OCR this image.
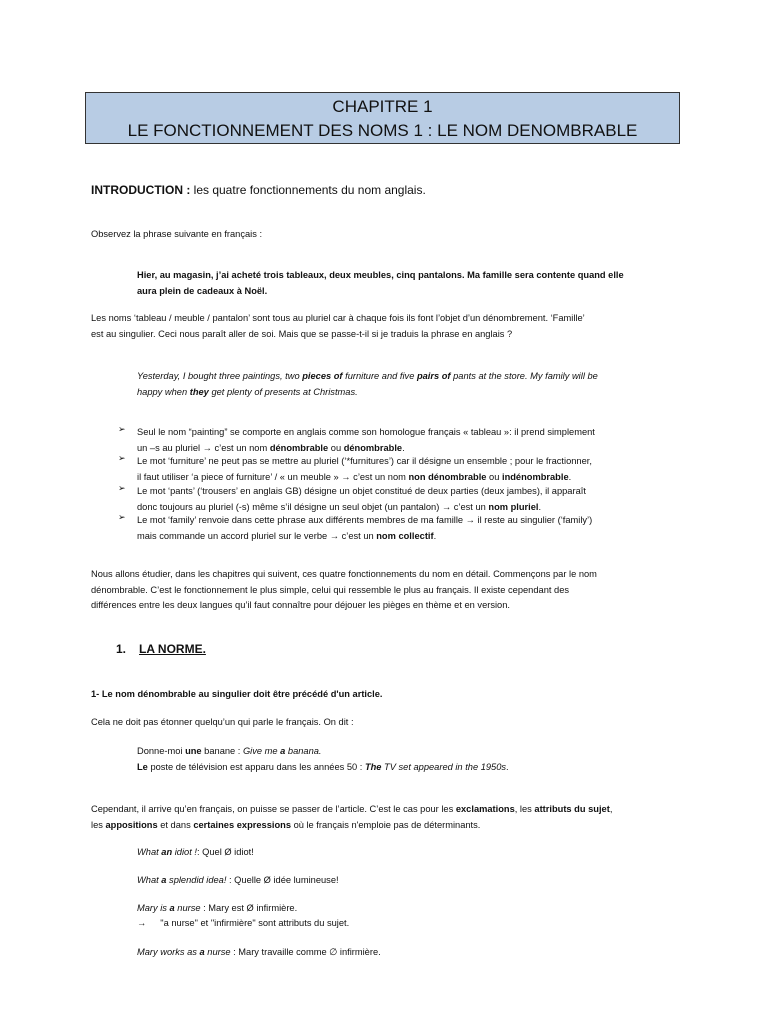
CHAPITRE 1
LE FONCTIONNEMENT DES NOMS 1 : LE NOM DENOMBRABLE
INTRODUCTION : les quatre fonctionnements du nom anglais.
Observez la phrase suivante en français :
Hier, au magasin, j’ai acheté trois tableaux, deux meubles, cinq pantalons. Ma famille sera contente quand elle
aura plein de cadeaux à Noël.
Les noms ‘tableau / meuble / pantalon’ sont tous au pluriel car à chaque fois ils font l’objet d’un dénombrement. ‘Famille’
est au singulier. Ceci nous paraît aller de soi. Mais que se passe-t-il si je traduis la phrase en anglais ?
Yesterday, I bought three paintings, two pieces of furniture and five pairs of pants at the store. My family will be
happy when they get plenty of presents at Christmas.
➢ Seul le nom “painting” se comporte en anglais comme son homologue français « tableau »: il prend simplement
un –s au pluriel → c’est un nom dénombrable ou dénombrable.
➢ Le mot ‘furniture’ ne peut pas se mettre au pluriel (‘*furnitures’) car il désigne un ensemble ; pour le fractionner,
il faut utiliser ‘a piece of furniture’ / « un meuble » → c’est un nom non dénombrable ou indénombrable.
➢ Le mot ‘pants’ (‘trousers’ en anglais GB) désigne un objet constitué de deux parties (deux jambes), il apparaît
donc toujours au pluriel (-s) même s’il désigne un seul objet (un pantalon) → c’est un nom pluriel.
➢ Le mot ‘family’ renvoie dans cette phrase aux différents membres de ma famille → il reste au singulier (‘family’)
mais commande un accord pluriel sur le verbe → c’est un nom collectif.
Nous allons étudier, dans les chapitres qui suivent, ces quatre fonctionnements du nom en détail. Commençons par le nom
dénombrable. C’est le fonctionnement le plus simple, celui qui ressemble le plus au français. Il existe cependant des
différences entre les deux langues qu’il faut connaître pour déjouer les pièges en thème et en version.
1. LA NORME.
1- Le nom dénombrable au singulier doit être précédé d'un article.
Cela ne doit pas étonner quelqu’un qui parle le français. On dit :
Donne-moi une banane : Give me a banana.
Le poste de télévision est apparu dans les années 50 : The TV set appeared in the 1950s.
Cependant, il arrive qu’en français, on puisse se passer de l’article. C’est le cas pour les exclamations, les attributs du sujet,
les appositions et dans certaines expressions où le français n'emploie pas de déterminants.
What an idiot !: Quel Ø idiot!
What a splendid idea! : Quelle Ø idée lumineuse!
Mary is a nurse : Mary est Ø infirmière.
→ "a nurse" et "infirmière" sont attributs du sujet.
Mary works as a nurse : Mary travaille comme ∅ infirmière.
